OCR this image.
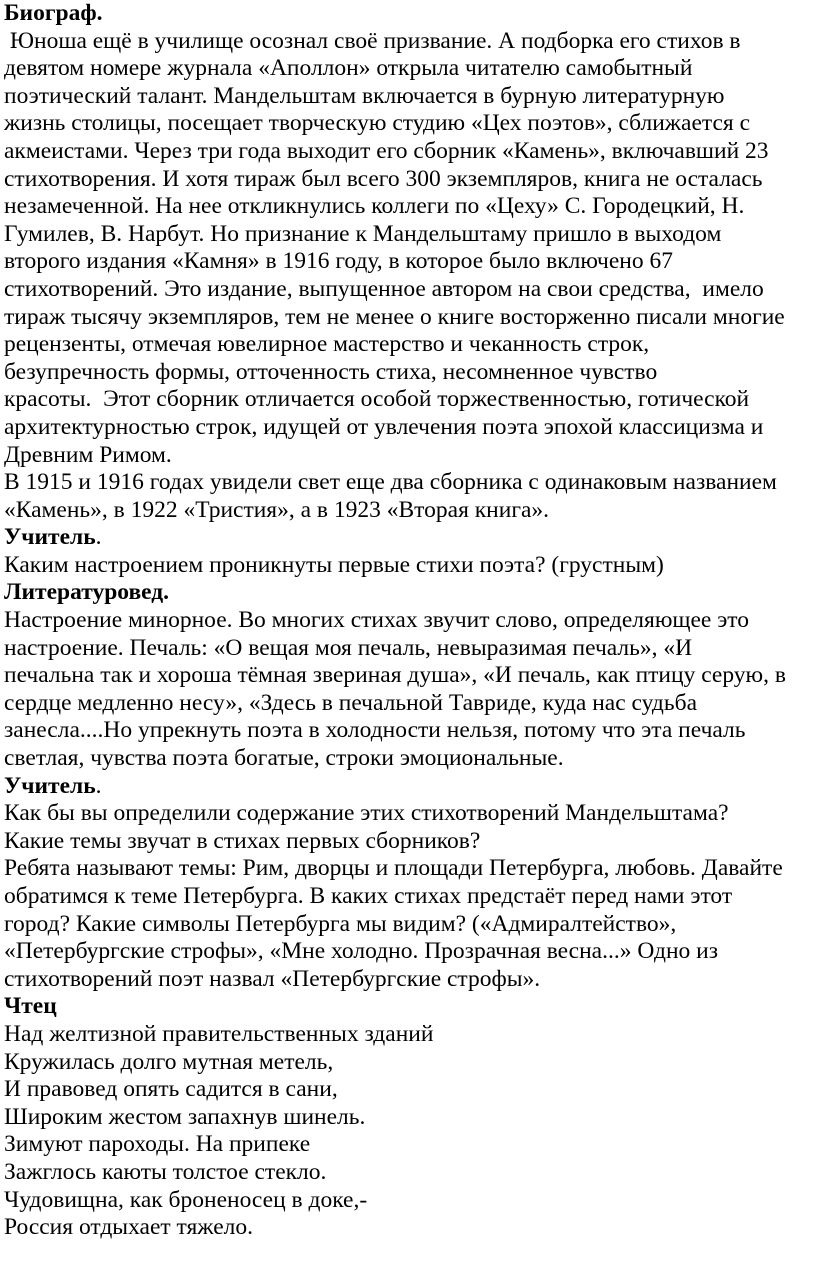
Биограф.
Юноша ещё в училище осознал своё призвание. А подборка его стихов в
девятом номере журнала «Аполлон» открыла читателю самобытный
поэтический талант. Мандельштам включается в бурную литературную
жизнь столицы, посещает творческую студию «Цех поэтов», сближается с
акмеистами. Через три года выходит его сборник «Камень», включавший 23
стихотворения. И хотя тираж был всего 300 экземпляров, книга не осталась
незамеченной. На нее откликнулись коллеги по «Цеху» С. Городецкий, Н.
Гумилев, В. Нарбут. Но признание к Мандельштаму пришло в выходом
второго издания «Камня» в 1916 году, в которое было включено 67
стихотворений. Это издание, выпущенное автором на свои средства,  имело
тираж тысячу экземпляров, тем не менее о книге восторженно писали многие
рецензенты, отмечая ювелирное мастерство и чеканность строк,
безупречность формы, отточенность стиха, несомненное чувство
красоты.  Этот сборник отличается особой торжественностью, готической
архитектурностью строк, идущей от увлечения поэта эпохой классицизма и
Древним Римом.
В 1915 и 1916 годах увидели свет еще два сборника с одинаковым названием
«Камень», в 1922 «Тристия», а в 1923 «Вторая книга».
Учитель.
Каким настроением проникнуты первые стихи поэта? (грустным)
Литературовед.
Настроение минорное. Во многих стихах звучит слово, определяющее это
настроение. Печаль: «О вещая моя печаль, невыразимая печаль», «И
печальна так и хороша тёмная звериная душа», «И печаль, как птицу серую, в
сердце медленно несу», «Здесь в печальной Тавриде, куда нас судьба
занесла....Но упрекнуть поэта в холодности нельзя, потому что эта печаль
светлая, чувства поэта богатые, строки эмоциональные.
Учитель.
Как бы вы определили содержание этих стихотворений Мандельштама?
Какие темы звучат в стихах первых сборников?
Ребята называют темы: Рим, дворцы и площади Петербурга, любовь. Давайте
обратимся к теме Петербурга. В каких стихах предстаёт перед нами этот
город? Какие символы Петербурга мы видим? («Адмиралтейство»,
«Петербургские строфы», «Мне холодно. Прозрачная весна...» Одно из
стихотворений поэт назвал «Петербургские строфы».
Чтец
Над желтизной правительственных зданий
Кружилась долго мутная метель,
И правовед опять садится в сани,
Широким жестом запахнув шинель.
Зимуют пароходы. На припеке
Зажглось каюты толстое стекло.
Чудовищна, как броненосец в доке,-
Россия отдыхает тяжело.
